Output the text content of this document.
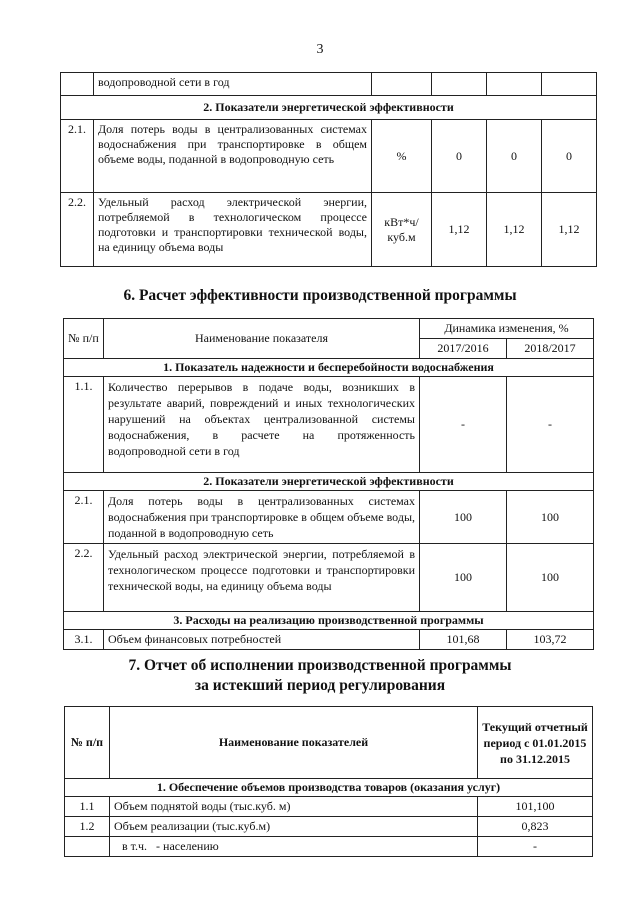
3
	водопроводной сети в год				
2. Показатели энергетической эффективности					
2.1.	Доля потерь воды в централизованных системах водоснабжения при транспортировке в общем объеме воды, поданной в водопроводную сеть	%	0	0	0
2.2.	Удельный расход электрической энергии, потребляемой в технологическом процессе подготовки и транспортировки технической воды, на единицу объема воды	кВт*ч/ куб.м	1,12	1,12	1,12
6. Расчет эффективности производственной программы
№ п/п	Наименование показателя	Динамика изменения, %	
		2017/2016	2018/2017
1. Показатель надежности и бесперебойности водоснабжения			
1.1.	Количество перерывов в подаче воды, возникших в результате аварий, повреждений и иных технологических нарушений на объектах централизованной системы водоснабжения, в расчете на протяженность водопроводной сети в год	-	-
2. Показатели энергетической эффективности			
2.1.	Доля потерь воды в централизованных системах водоснабжения при транспортировке в общем объеме воды, поданной в водопроводную сеть	100	100
2.2.	Удельный расход электрической энергии, потребляемой в технологическом процессе подготовки и транспортировки технической воды, на единицу объема воды	100	100
3. Расходы на реализацию производственной программы			
3.1.	Объем финансовых потребностей	101,68	103,72
7. Отчет об исполнении производственной программы
за истекший период регулирования
№ п/п	Наименование показателей	Текущий отчетный период с 01.01.2015 по 31.12.2015
1. Обеспечение объемов производства товаров (оказания услуг)		
1.1	Объем поднятой воды (тыс.куб. м)	101,100
1.2	Объем реализации (тыс.куб.м)	0,823
	в т.ч.   - населению	-
